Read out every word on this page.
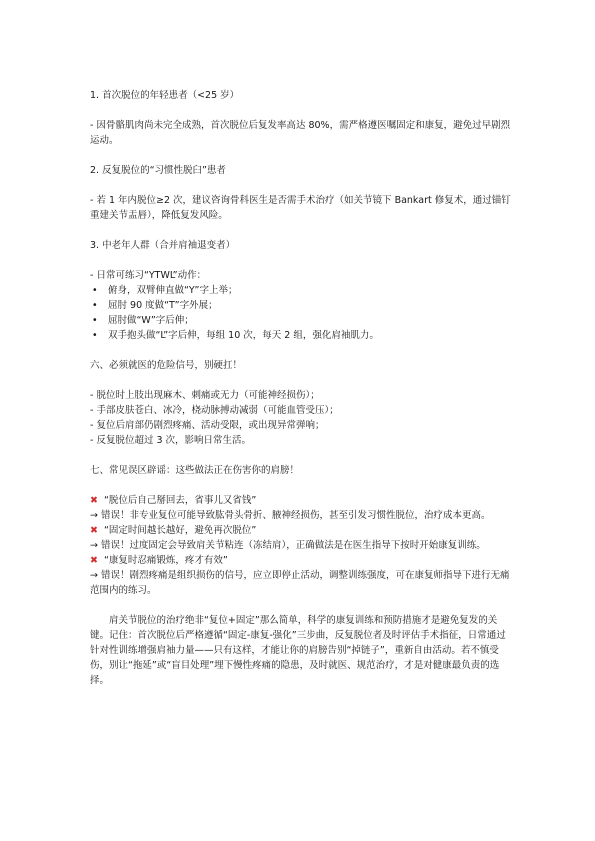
1. 首次脱位的年轻患者（<25 岁）
- 因骨骼肌肉尚未完全成熟，首次脱位后复发率高达 80%，需严格遵医嘱固定和康复，避免过早剧烈运动。
2. 反复脱位的“习惯性脱臼”患者
- 若 1 年内脱位≥2 次，建议咨询骨科医生是否需手术治疗（如关节镜下 Bankart 修复术，通过锚钉重建关节盂唇），降低复发风险。
3. 中老年人群（合并肩袖退变者）
- 日常可练习“YTWL”动作：
• 俯身，双臂伸直做“Y”字上举；
• 屈肘 90 度做“T”字外展；
• 屈肘做“W”字后伸；
• 双手抱头做“L”字后伸，每组 10 次，每天 2 组，强化肩袖肌力。
六、必须就医的危险信号，别硬扛！
- 脱位时上肢出现麻木、刺痛或无力（可能神经损伤）；
- 手部皮肤苍白、冰冷，桡动脉搏动减弱（可能血管受压）；
- 复位后肩部仍剧烈疼痛、活动受限，或出现异常弹响；
- 反复脱位超过 3 次，影响日常生活。
七、常见误区辟谣：这些做法正在伤害你的肩膀！
✖ “脱位后自己掰回去，省事儿又省钱”
→ 错误！非专业复位可能导致肱骨头骨折、腋神经损伤，甚至引发习惯性脱位，治疗成本更高。
✖ “固定时间越长越好，避免再次脱位”
→ 错误！过度固定会导致肩关节粘连（冻结肩），正确做法是在医生指导下按时开始康复训练。
✖ “康复时忍痛锻炼，疼才有效”
→ 错误！剧烈疼痛是组织损伤的信号，应立即停止活动，调整训练强度，可在康复师指导下进行无痛范围内的练习。
肩关节脱位的治疗绝非“复位+固定”那么简单，科学的康复训练和预防措施才是避免复发的关键。记住：首次脱位后严格遵循“固定-康复-强化”三步曲，反复脱位者及时评估手术指征，日常通过针对性训练增强肩袖力量——只有这样，才能让你的肩膀告别“掉链子”，重新自由活动。若不慎受伤，别让“拖延”或“盲目处理”埋下慢性疼痛的隐患，及时就医、规范治疗，才是对健康最负责的选择。
